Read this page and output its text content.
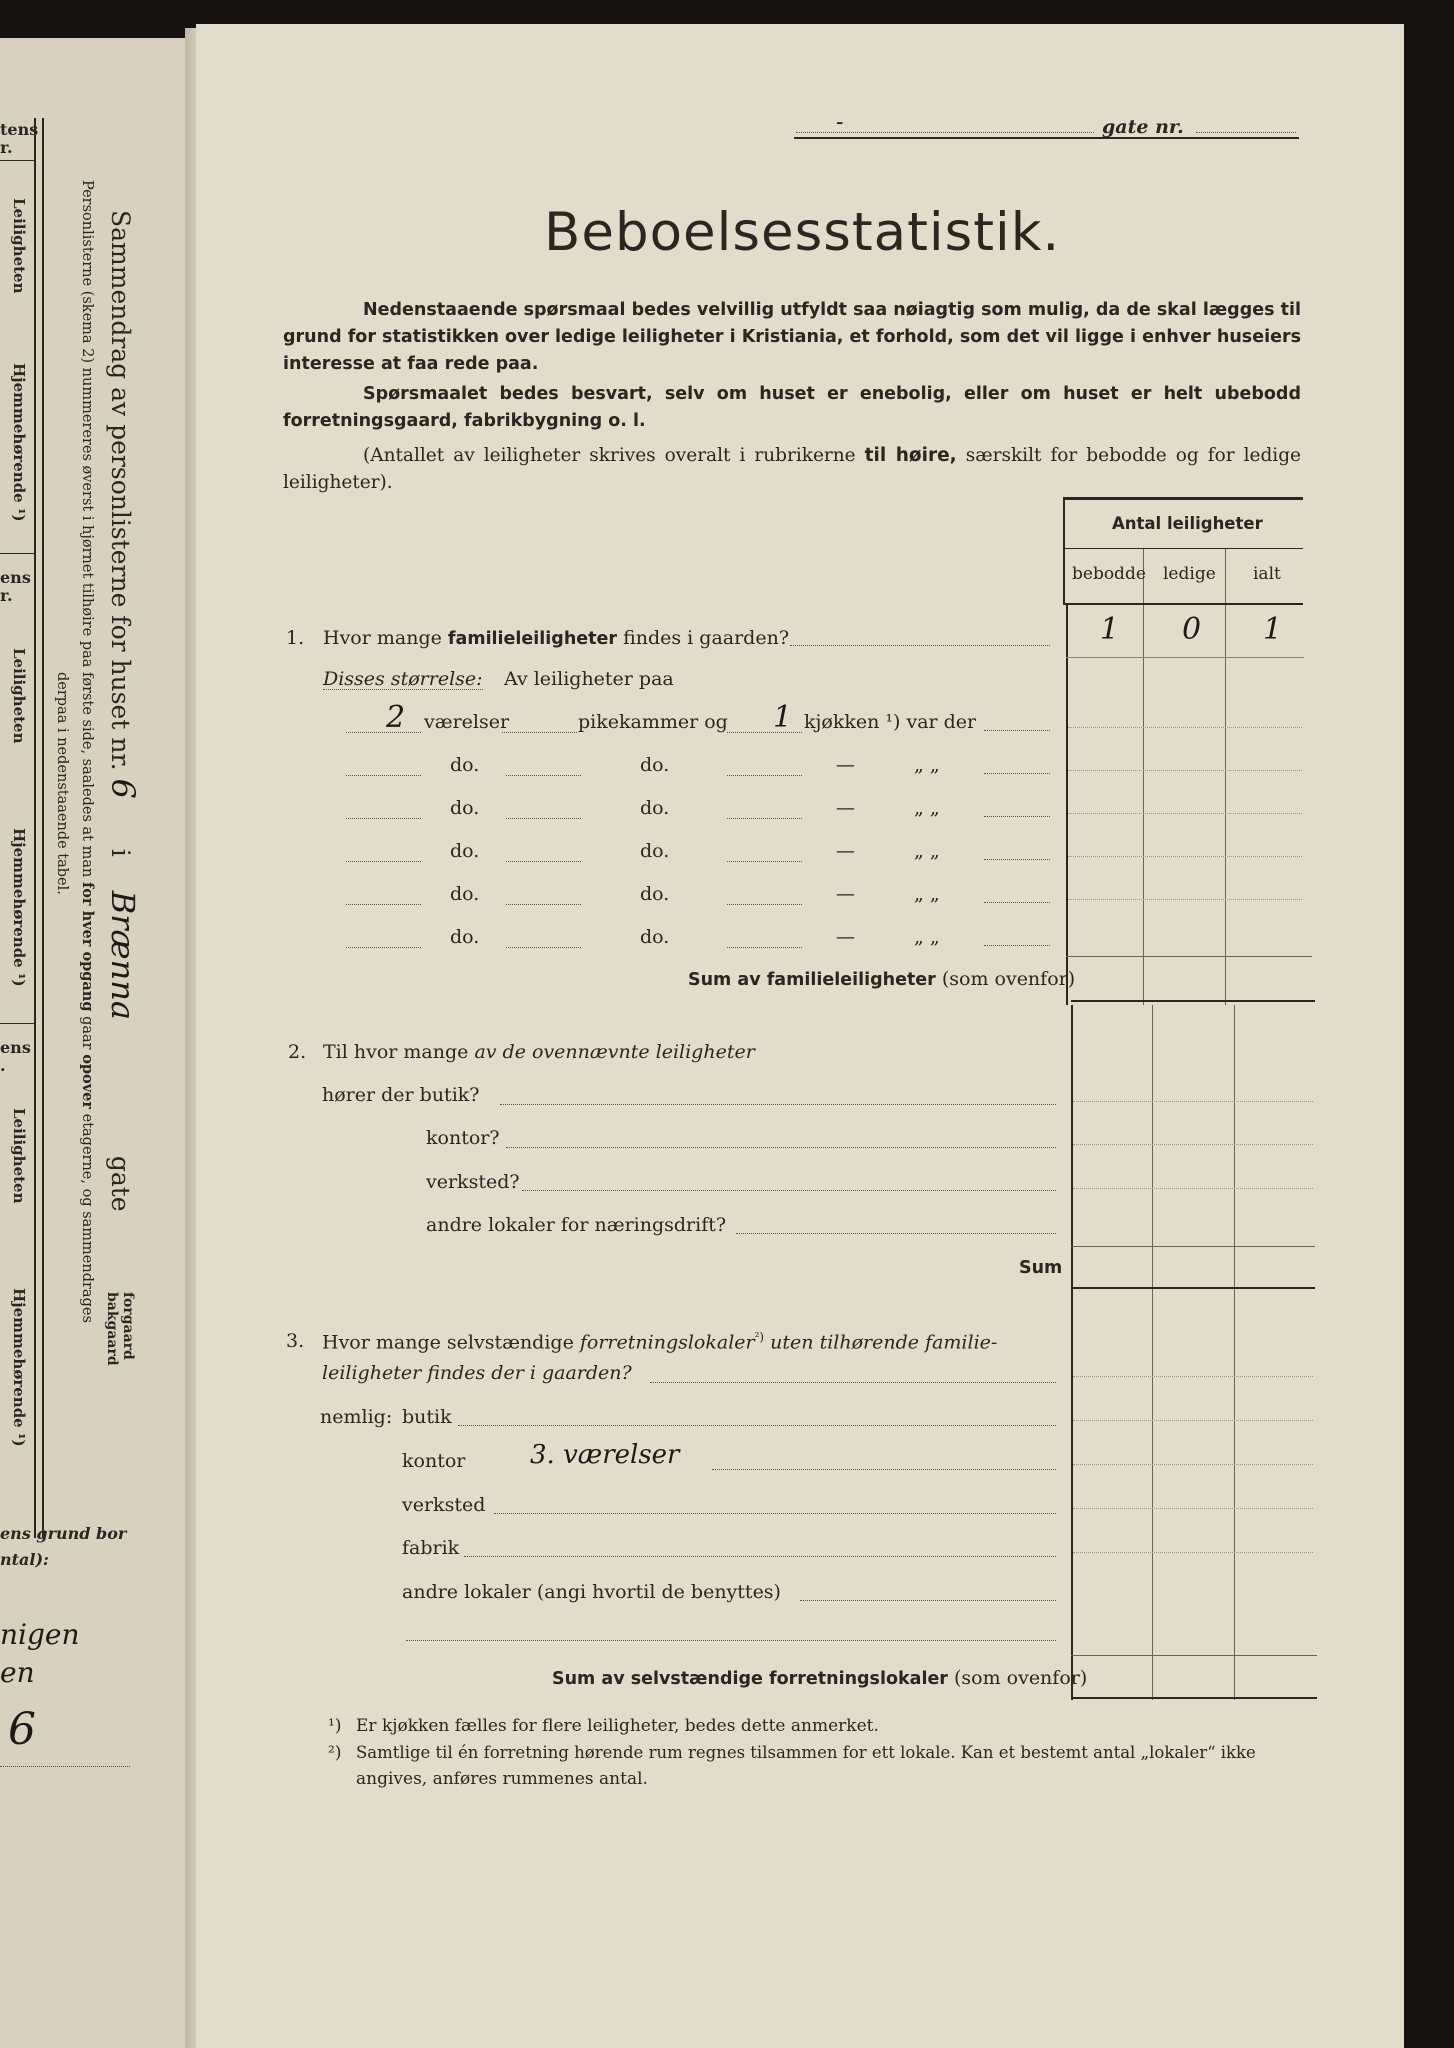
tens
r.
Leiligheten
Hjemmehørende ¹)
ens
r.
Leiligheten
Hjemmehørende ¹)
ens
.
Leiligheten
Hjemmehørende ¹)
ens grund bor
ntal):
nigen
en
6
Sammendrag av personlisterne for huset nr. 6  i  Brænna  gate
forgaard
bakgaard
Personlisterne (skema 2) nummereres øverst i hjørnet tilhøire paa første side, saaledes at man for hver opgang gaar opover etagerne, og sammendrages
derpaa i nedenstaaende tabel.
-	gate nr.
Beboelsesstatistik.
Nedenstaaende spørsmaal bedes velvillig utfyldt saa nøiagtig som mulig, da de skal lægges til grund for statistikken over ledige leiligheter i Kristiania, et forhold, som det vil ligge i enhver huseiers interesse at faa rede paa.
Spørsmaalet bedes besvart, selv om huset er enebolig, eller om huset er helt ubebodd forretningsgaard, fabrikbygning o. l.
(Antallet av leiligheter skrives overalt i rubrikerne til høire, særskilt for bebodde og for ledige leiligheter).
Antal leiligheter
bebodde ledige ialt
1. Hvor mange familieleiligheter findes i gaarden?	1 0 1
Disses størrelse: Av leiligheter paa
2 værelser	pikekammer og 1 kjøkken ¹) var der
do.	do.	—	„ „
do.	do.	—	„ „
do.	do.	—	„ „
do.	do.	—	„ „
do.	do.	—	„ „
Sum av familieleiligheter (som ovenfor)
2. Til hvor mange av de ovennævnte leiligheter
hører der butik?
kontor?
verksted?
andre lokaler for næringsdrift?
Sum
3. Hvor mange selvstændige forretningslokaler$^{^2)}$ uten tilhørende familie-
leiligheter findes der i gaarden?
nemlig: butik
kontor 3. værelser
verksted
fabrik
andre lokaler (angi hvortil de benyttes)
Sum av selvstændige forretningslokaler (som ovenfor)
¹) Er kjøkken fælles for flere leiligheter, bedes dette anmerket.
²) Samtlige til én forretning hørende rum regnes tilsammen for ett lokale. Kan et bestemt antal „lokaler“ ikke
angives, anføres rummenes antal.
